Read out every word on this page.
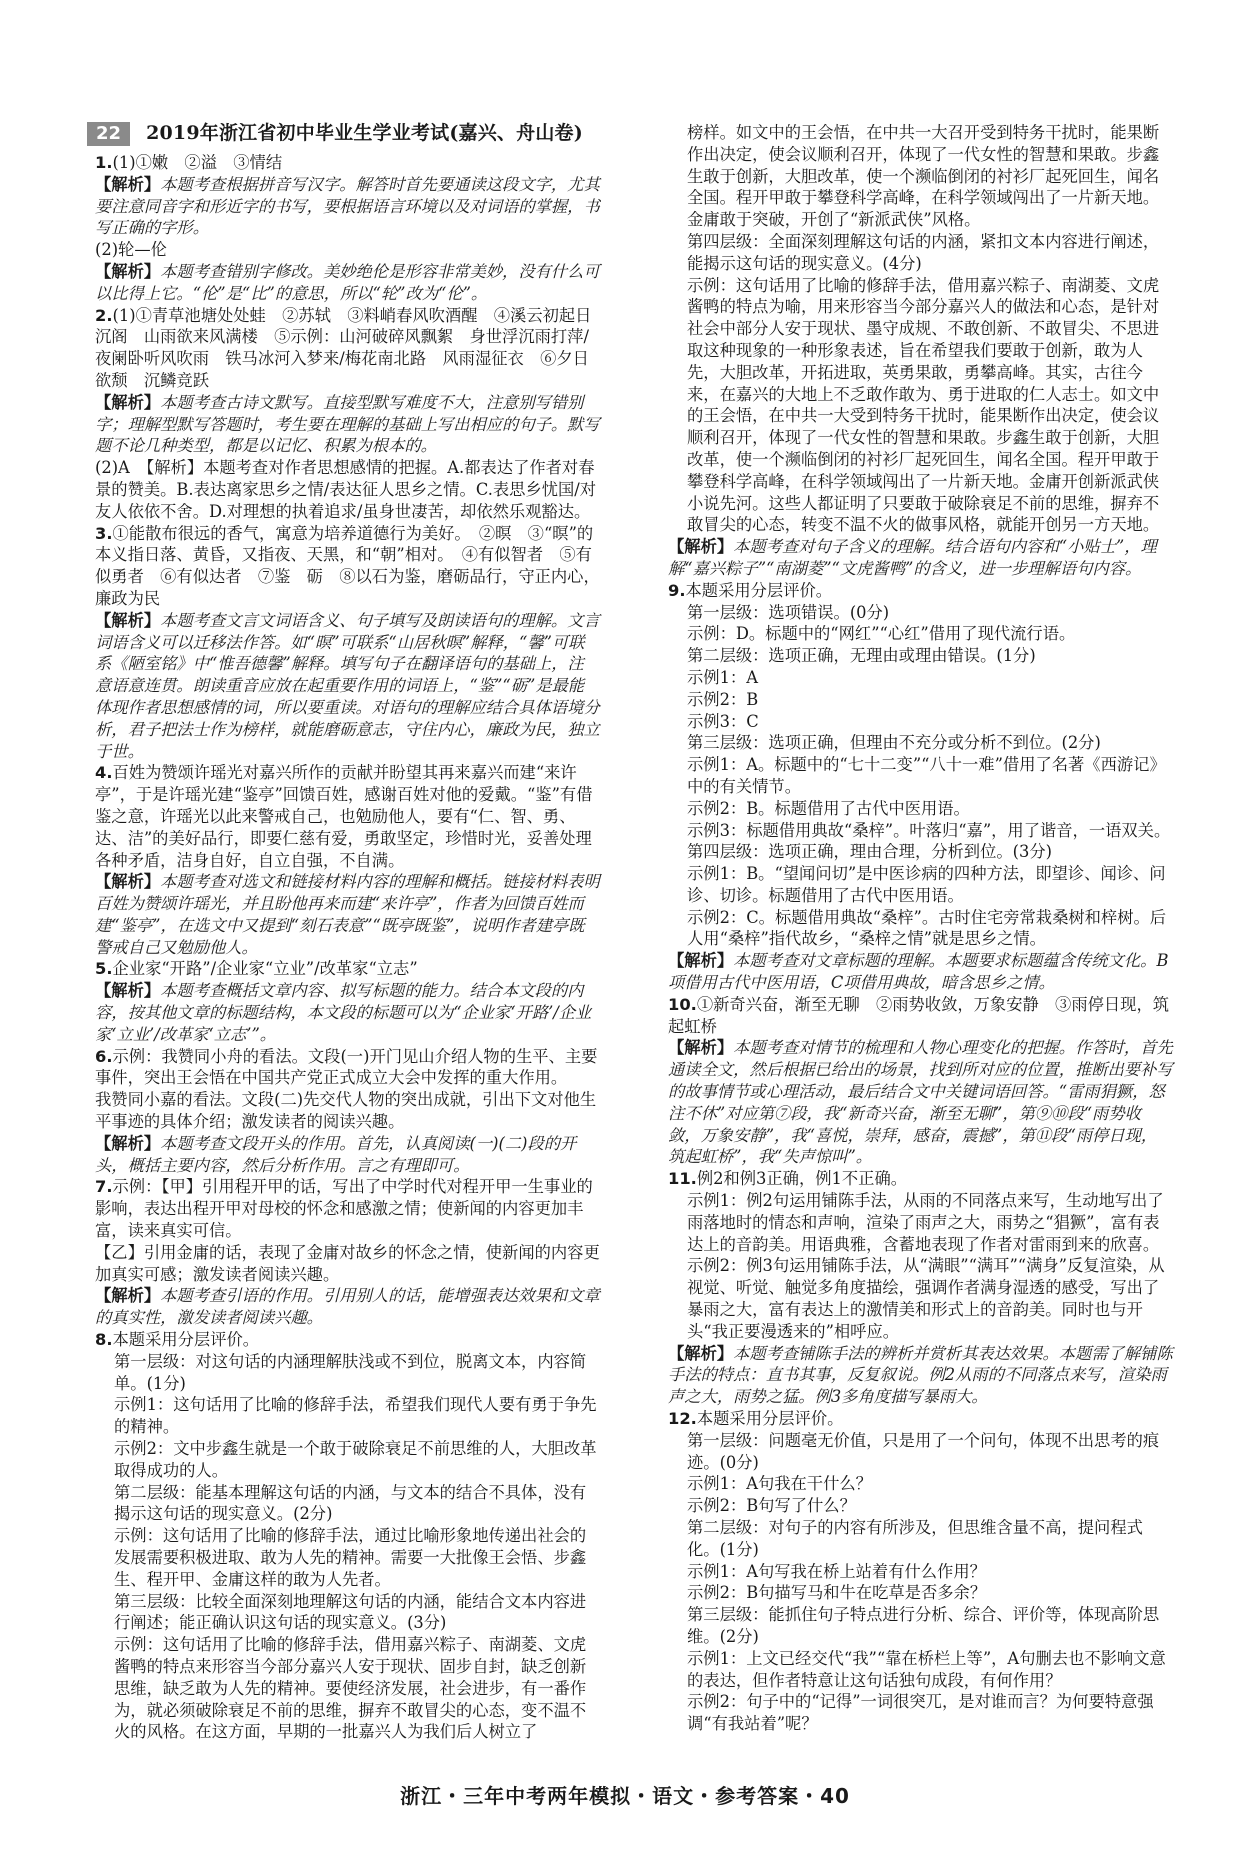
22	2019年浙江省初中毕业生学业考试(嘉兴、舟山卷)

1.(1)①嫩　②溢　③情结

【解析】本题考查根据拼音写汉字。解答时首先要通读这段文字，尤其要注意同音字和形近字的书写，要根据语言环境以及对词语的掌握，书写正确的字形。

(2)轮—伦

【解析】本题考查错别字修改。美妙绝伦是形容非常美妙，没有什么可以比得上它。“伦”是“比”的意思，所以“轮”改为“伦”。

2.(1)①青草池塘处处蛙　②苏轼　③料峭春风吹酒醒　④溪云初起日沉阁　山雨欲来风满楼　⑤示例：山河破碎风飘絮　身世浮沉雨打萍/夜阑卧听风吹雨　铁马冰河入梦来/梅花南北路　风雨湿征衣　⑥夕日欲颓　沉鳞竞跃

【解析】本题考查古诗文默写。直接型默写难度不大，注意别写错别字；理解型默写答题时，考生要在理解的基础上写出相应的句子。默写题不论几种类型，都是以记忆、积累为根本的。

(2)A　【解析】本题考查对作者思想感情的把握。A.都表达了作者对春景的赞美。B.表达离家思乡之情/表达征人思乡之情。C.表思乡忧国/对友人依依不舍。D.对理想的执着追求/虽身世凄苦，却依然乐观豁达。

3.①能散布很远的香气，寓意为培养道德行为美好。　②暝　③“暝”的本义指日落、黄昏，又指夜、天黑，和“朝”相对。　④有似智者　⑤有似勇者　⑥有似达者　⑦鉴　砺　⑧以石为鉴，磨砺品行，守正内心，廉政为民

【解析】本题考查文言文词语含义、句子填写及朗读语句的理解。文言词语含义可以迁移法作答。如“暝”可联系“山居秋暝”解释，“馨”可联系《陋室铭》中“惟吾德馨”解释。填写句子在翻译语句的基础上，注意语意连贯。朗读重音应放在起重要作用的词语上，“鉴”“砺”是最能体现作者思想感情的词，所以要重读。对语句的理解应结合具体语境分析，君子把法士作为榜样，就能磨砺意志，守住内心，廉政为民，独立于世。

4.百姓为赞颂许瑶光对嘉兴所作的贡献并盼望其再来嘉兴而建“来许亭”，于是许瑶光建“鉴亭”回馈百姓，感谢百姓对他的爱戴。“鉴”有借鉴之意，许瑶光以此来警戒自己，也勉励他人，要有“仁、智、勇、达、洁”的美好品行，即要仁慈有爱，勇敢坚定，珍惜时光，妥善处理各种矛盾，洁身自好，自立自强，不自满。

【解析】本题考查对选文和链接材料内容的理解和概括。链接材料表明百姓为赞颂许瑶光，并且盼他再来而建“来许亭”，作者为回馈百姓而建“鉴亭”，在选文中又提到“刻石表意”“既亭既鉴”，说明作者建亭既警戒自己又勉励他人。

5.企业家“开路”/企业家“立业”/改革家“立志”

【解析】本题考查概括文章内容、拟写标题的能力。结合本文段的内容，按其他文章的标题结构，本文段的标题可以为“企业家‘开路’/企业家‘立业’/改革家‘立志’”。

6.示例：我赞同小舟的看法。文段(一)开门见山介绍人物的生平、主要事件，突出王会悟在中国共产党正式成立大会中发挥的重大作用。

我赞同小嘉的看法。文段(二)先交代人物的突出成就，引出下文对他生平事迹的具体介绍；激发读者的阅读兴趣。

【解析】本题考查文段开头的作用。首先，认真阅读(一)(二)段的开头，概括主要内容，然后分析作用。言之有理即可。

7.示例：【甲】引用程开甲的话，写出了中学时代对程开甲一生事业的影响，表达出程开甲对母校的怀念和感激之情；使新闻的内容更加丰富，读来真实可信。

【乙】引用金庸的话，表现了金庸对故乡的怀念之情，使新闻的内容更加真实可感；激发读者阅读兴趣。

【解析】本题考查引语的作用。引用别人的话，能增强表达效果和文章的真实性，激发读者阅读兴趣。

8.本题采用分层评价。

第一层级：对这句话的内涵理解肤浅或不到位，脱离文本，内容简单。(1分)

示例1：这句话用了比喻的修辞手法，希望我们现代人要有勇于争先的精神。

示例2：文中步鑫生就是一个敢于破除衰足不前思维的人，大胆改革取得成功的人。

第二层级：能基本理解这句话的内涵，与文本的结合不具体，没有揭示这句话的现实意义。(2分)

示例：这句话用了比喻的修辞手法，通过比喻形象地传递出社会的发展需要积极进取、敢为人先的精神。需要一大批像王会悟、步鑫生、程开甲、金庸这样的敢为人先者。

第三层级：比较全面深刻地理解这句话的内涵，能结合文本内容进行阐述；能正确认识这句话的现实意义。(3分)

示例：这句话用了比喻的修辞手法，借用嘉兴粽子、南湖菱、文虎酱鸭的特点来形容当今部分嘉兴人安于现状、固步自封，缺乏创新思维，缺乏敢为人先的精神。要使经济发展，社会进步，有一番作为，就必须破除衰足不前的思维，摒弃不敢冒尖的心态，变不温不火的风格。在这方面，早期的一批嘉兴人为我们后人树立了

榜样。如文中的王会悟，在中共一大召开受到特务干扰时，能果断作出决定，使会议顺利召开，体现了一代女性的智慧和果敢。步鑫生敢于创新，大胆改革，使一个濒临倒闭的衬衫厂起死回生，闻名全国。程开甲敢于攀登科学高峰，在科学领域闯出了一片新天地。金庸敢于突破，开创了“新派武侠”风格。

第四层级：全面深刻理解这句话的内涵，紧扣文本内容进行阐述，能揭示这句话的现实意义。(4分)

示例：这句话用了比喻的修辞手法，借用嘉兴粽子、南湖菱、文虎酱鸭的特点为喻，用来形容当今部分嘉兴人的做法和心态，是针对社会中部分人安于现状、墨守成规、不敢创新、不敢冒尖、不思进取这种现象的一种形象表述，旨在希望我们要敢于创新，敢为人先，大胆改革，开拓进取，英勇果敢，勇攀高峰。其实，古往今来，在嘉兴的大地上不乏敢作敢为、勇于进取的仁人志士。如文中的王会悟，在中共一大受到特务干扰时，能果断作出决定，使会议顺利召开，体现了一代女性的智慧和果敢。步鑫生敢于创新，大胆改革，使一个濒临倒闭的衬衫厂起死回生，闻名全国。程开甲敢于攀登科学高峰，在科学领域闯出了一片新天地。金庸开创新派武侠小说先河。这些人都证明了只要敢于破除衰足不前的思维，摒弃不敢冒尖的心态，转变不温不火的做事风格，就能开创另一方天地。

【解析】本题考查对句子含义的理解。结合语句内容和“小贴士”，理解“嘉兴粽子”“南湖菱”“文虎酱鸭”的含义，进一步理解语句内容。

9.本题采用分层评价。

第一层级：选项错误。(0分)

示例：D。标题中的“网红”“心红”借用了现代流行语。

第二层级：选项正确，无理由或理由错误。(1分)

示例1：A

示例2：B

示例3：C

第三层级：选项正确，但理由不充分或分析不到位。(2分)

示例1：A。标题中的“七十二变”“八十一难”借用了名著《西游记》中的有关情节。

示例2：B。标题借用了古代中医用语。

示例3：标题借用典故“桑梓”。叶落归“嘉”，用了谐音，一语双关。

第四层级：选项正确，理由合理，分析到位。(3分)

示例1：B。“望闻问切”是中医诊病的四种方法，即望诊、闻诊、问诊、切诊。标题借用了古代中医用语。

示例2：C。标题借用典故“桑梓”。古时住宅旁常栽桑树和梓树。后人用“桑梓”指代故乡，“桑梓之情”就是思乡之情。

【解析】本题考查对文章标题的理解。本题要求标题蕴含传统文化。B项借用古代中医用语，C项借用典故，暗含思乡之情。

10.①新奇兴奋，渐至无聊　②雨势收敛，万象安静　③雨停日现，筑起虹桥

【解析】本题考查对情节的梳理和人物心理变化的把握。作答时，首先通读全文，然后根据已给出的场景，找到所对应的位置，推断出要补写的故事情节或心理活动，最后结合文中关键词语回答。“雷雨狷獗，怒注不休”对应第⑦段，我“新奇兴奋，渐至无聊”，第⑨⑩段“雨势收敛，万象安静”，我“喜悦，崇拜，感奋，震撼”，第⑪段“雨停日现，筑起虹桥”，我“失声惊叫”。

11.例2和例3正确，例1不正确。

示例1：例2句运用铺陈手法，从雨的不同落点来写，生动地写出了雨落地时的情态和声响，渲染了雨声之大，雨势之“猖獗”，富有表达上的音韵美。用语典雅，含蓄地表现了作者对雷雨到来的欣喜。

示例2：例3句运用铺陈手法，从“满眼”“满耳”“满身”反复渲染，从视觉、听觉、触觉多角度描绘，强调作者满身湿透的感受，写出了暴雨之大，富有表达上的激情美和形式上的音韵美。同时也与开头“我正要漫透来的”相呼应。

【解析】本题考查铺陈手法的辨析并赏析其表达效果。本题需了解铺陈手法的特点：直书其事，反复叙说。例2从雨的不同落点来写，渲染雨声之大，雨势之猛。例3多角度描写暴雨大。

12.本题采用分层评价。

第一层级：问题毫无价值，只是用了一个问句，体现不出思考的痕迹。(0分)

示例1：A句我在干什么？

示例2：B句写了什么？

第二层级：对句子的内容有所涉及，但思维含量不高，提问程式化。(1分)

示例1：A句写我在桥上站着有什么作用？

示例2：B句描写马和牛在吃草是否多余？

第三层级：能抓住句子特点进行分析、综合、评价等，体现高阶思维。(2分)

示例1：上文已经交代“我”“靠在桥栏上等”，A句删去也不影响文意的表达，但作者特意让这句话独句成段，有何作用？

示例2：句子中的“记得”一词很突兀，是对谁而言？为何要特意强调“有我站着”呢？

浙江・三年中考两年模拟・语文・参考答案・40
